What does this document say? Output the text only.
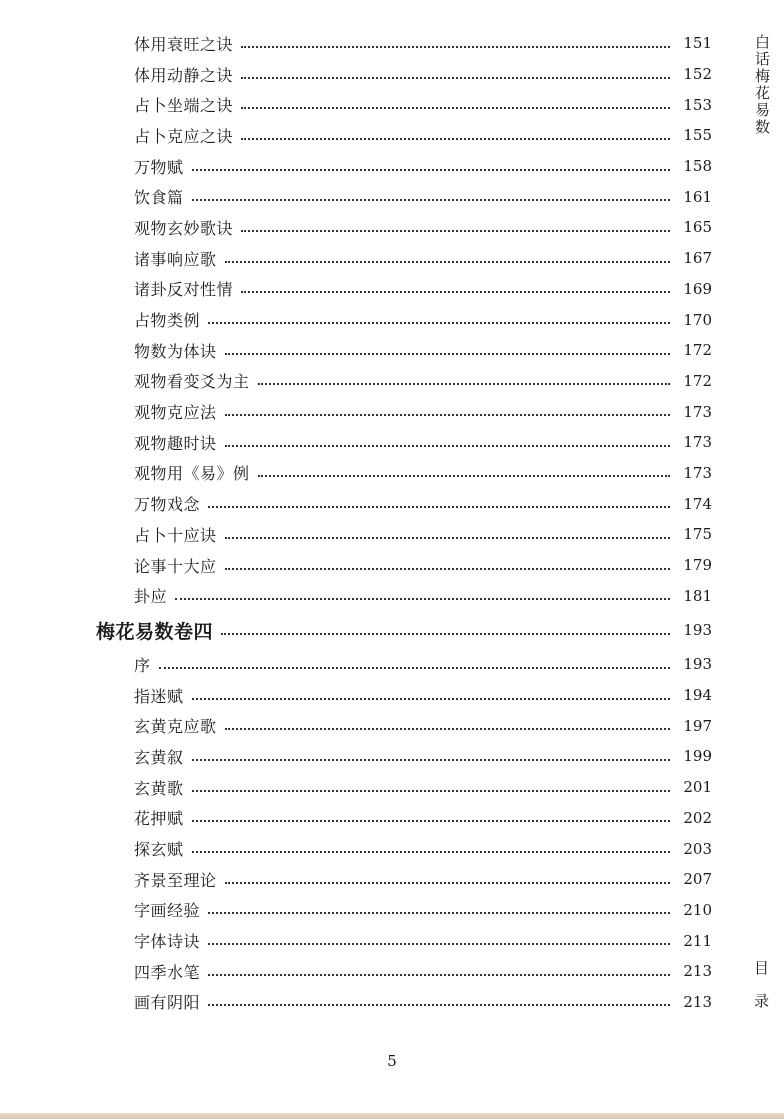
体用衰旺之诀	151
体用动静之诀	152
占卜坐端之诀	153
占卜克应之诀	155
万物赋	158
饮食篇	161
观物玄妙歌诀	165
诸事响应歌	167
诸卦反对性情	169
占物类例	170
物数为体诀	172
观物看变爻为主	172
观物克应法	173
观物趣时诀	173
观物用《易》例	173
万物戏念	174
占卜十应诀	175
论事十大应	179
卦应	181
梅花易数卷四	193
序	193
指迷赋	194
玄黄克应歌	197
玄黄叙	199
玄黄歌	201
花押赋	202
探玄赋	203
齐景至理论	207
字画经验	210
字体诗诀	211
四季水笔	213
画有阴阳	213
白话梅花易数
目录
5
